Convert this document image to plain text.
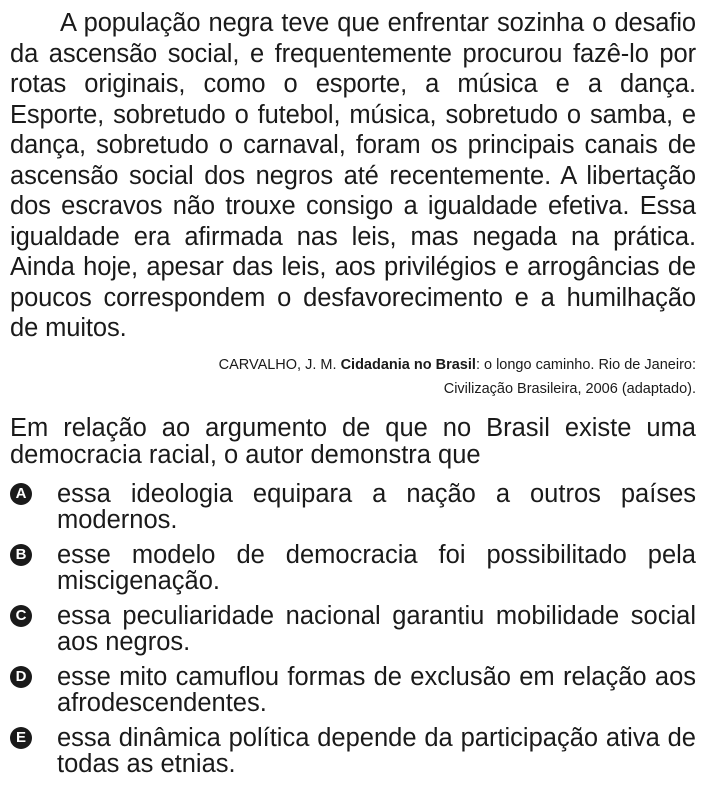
A população negra teve que enfrentar sozinha o desafio da ascensão social, e frequentemente procurou fazê-lo por rotas originais, como o esporte, a música e a dança. Esporte, sobretudo o futebol, música, sobretudo o samba, e dança, sobretudo o carnaval, foram os principais canais de ascensão social dos negros até recentemente. A libertação dos escravos não trouxe consigo a igualdade efetiva. Essa igualdade era afirmada nas leis, mas negada na prática. Ainda hoje, apesar das leis, aos privilégios e arrogâncias de poucos correspondem o desfavorecimento e a humilhação de muitos.

CARVALHO, J. M. Cidadania no Brasil: o longo caminho. Rio de Janeiro:
Civilização Brasileira, 2006 (adaptado).

Em relação ao argumento de que no Brasil existe uma democracia racial, o autor demonstra que

A essa ideologia equipara a nação a outros países modernos.
B esse modelo de democracia foi possibilitado pela miscigenação.
C essa peculiaridade nacional garantiu mobilidade social aos negros.
D esse mito camuflou formas de exclusão em relação aos afrodescendentes.
E essa dinâmica política depende da participação ativa de todas as etnias.
